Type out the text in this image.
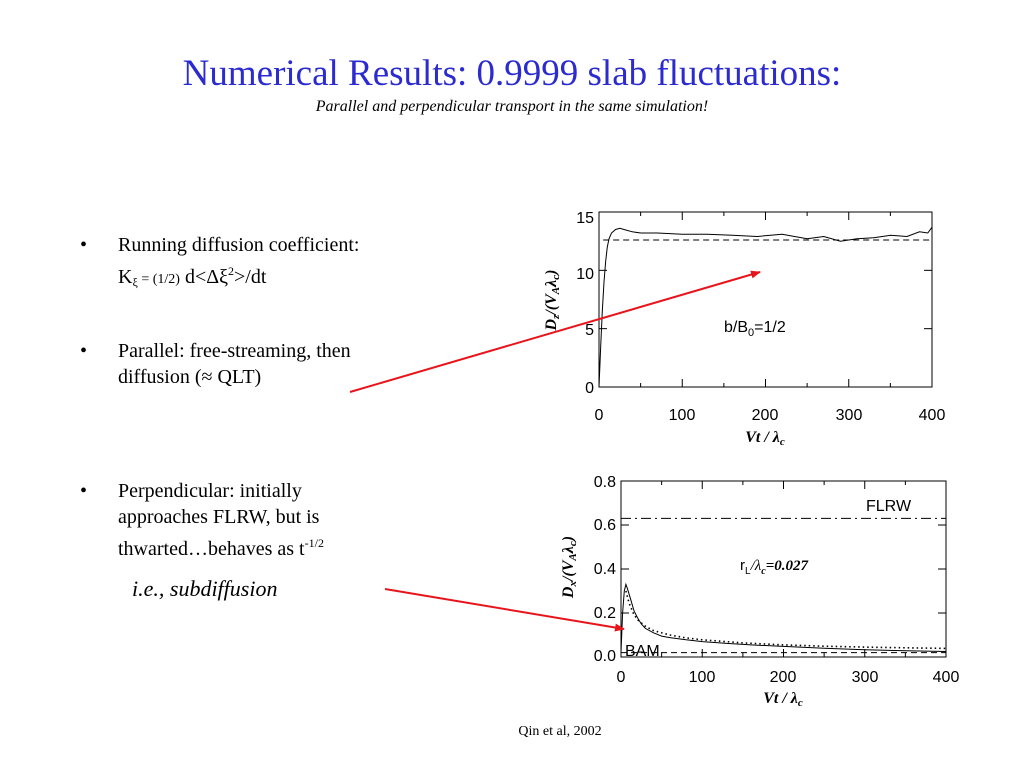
Numerical Results: 0.9999 slab fluctuations:
Parallel and perpendicular transport in the same simulation!
• Running diffusion coefficient:
$K_\xi = (1/2)$ $d<\Delta\xi^2>/dt$
• Parallel: free-streaming, then
diffusion (≈ QLT)
• Perpendicular: initially
approaches FLRW, but is
thwarted…behaves as $t^{-1/2}$
i.e., subdiffusion
15
10
5
0
0	100	200	300	400
Vt / λc
Dz/(VAλc)
$b/B_0=1/2$
0.8
0.6
0.4
0.2
0.0
0	100	200	300	400
Vt / λc
Dx/(VAλc)
FLRW
BAM
$r_L/\lambda_c=0.027$
Qin et al, 2002
